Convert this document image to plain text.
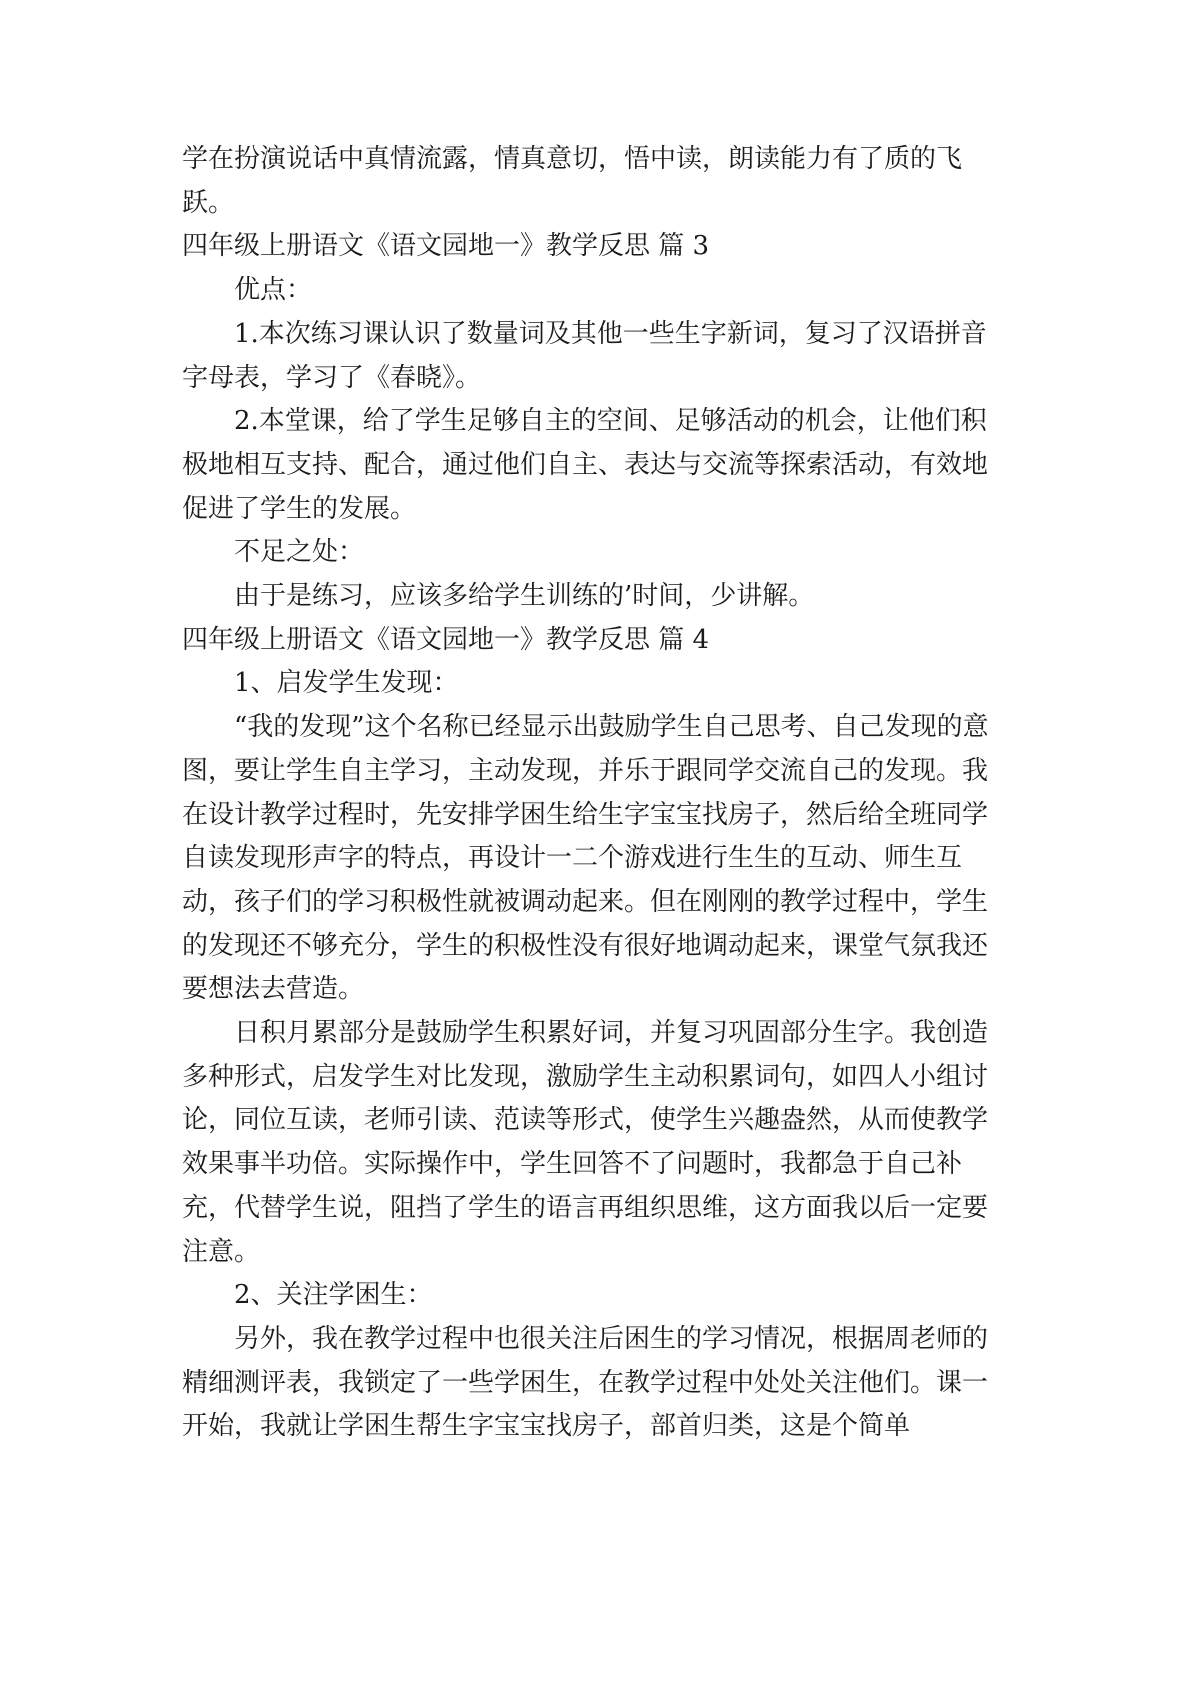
学在扮演说话中真情流露，情真意切，悟中读，朗读能力有了质的飞跃。

四年级上册语文《语文园地一》教学反思 篇 3

优点：

1.本次练习课认识了数量词及其他一些生字新词，复习了汉语拼音字母表，学习了《春晓》。

2.本堂课，给了学生足够自主的空间、足够活动的机会，让他们积极地相互支持、配合，通过他们自主、表达与交流等探索活动，有效地促进了学生的发展。

不足之处：

由于是练习，应该多给学生训练的’时间，少讲解。

四年级上册语文《语文园地一》教学反思 篇 4

1、启发学生发现：

“我的发现”这个名称已经显示出鼓励学生自己思考、自己发现的意图，要让学生自主学习，主动发现，并乐于跟同学交流自己的发现。我在设计教学过程时，先安排学困生给生字宝宝找房子，然后给全班同学自读发现形声字的特点，再设计一二个游戏进行生生的互动、师生互动，孩子们的学习积极性就被调动起来。但在刚刚的教学过程中，学生的发现还不够充分，学生的积极性没有很好地调动起来，课堂气氛我还要想法去营造。

日积月累部分是鼓励学生积累好词，并复习巩固部分生字。我创造多种形式，启发学生对比发现，激励学生主动积累词句，如四人小组讨论，同位互读，老师引读、范读等形式，使学生兴趣盎然，从而使教学效果事半功倍。实际操作中，学生回答不了问题时，我都急于自己补充，代替学生说，阻挡了学生的语言再组织思维，这方面我以后一定要注意。

2、关注学困生：

另外，我在教学过程中也很关注后困生的学习情况，根据周老师的精细测评表，我锁定了一些学困生，在教学过程中处处关注他们。课一开始，我就让学困生帮生字宝宝找房子，部首归类，这是个简单
